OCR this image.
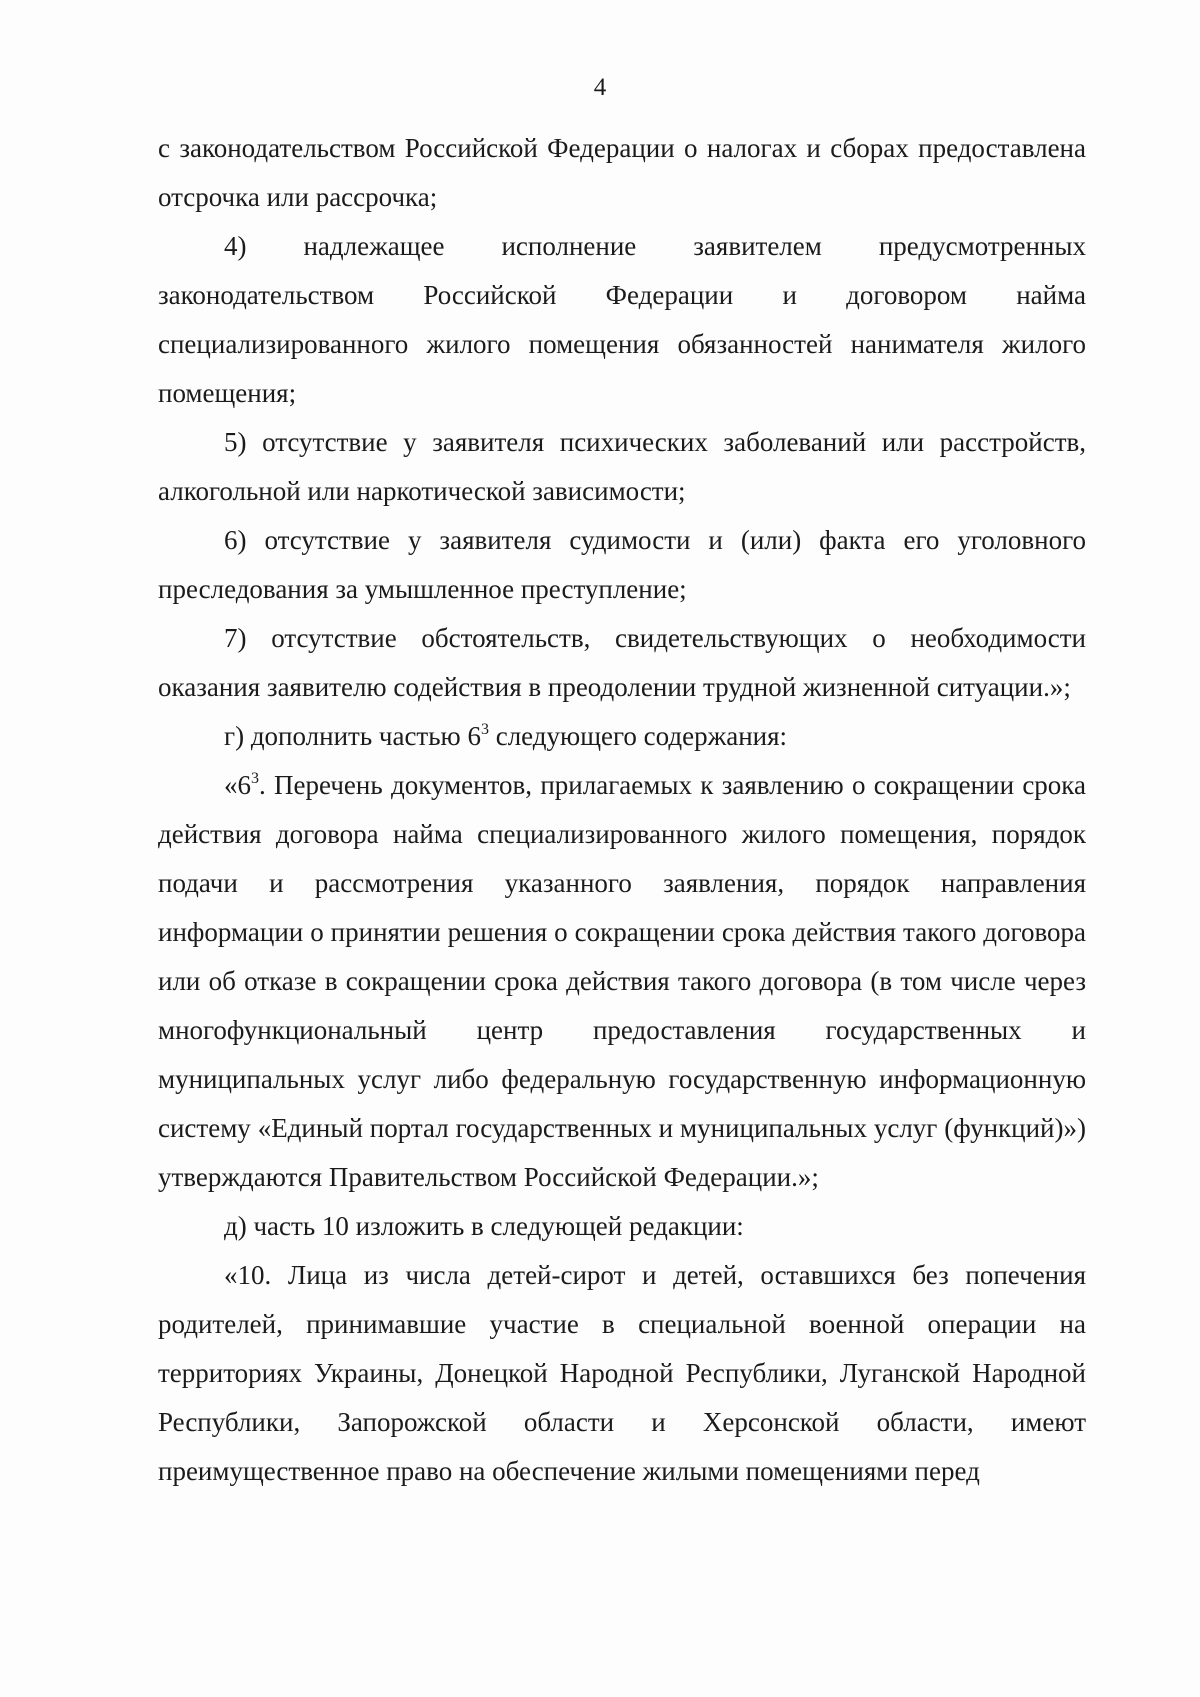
4

с законодательством Российской Федерации о налогах и сборах предоставлена отсрочка или рассрочка;

4) надлежащее исполнение заявителем предусмотренных законодательством Российской Федерации и договором найма специализированного жилого помещения обязанностей нанимателя жилого помещения;

5) отсутствие у заявителя психических заболеваний или расстройств, алкогольной или наркотической зависимости;

6) отсутствие у заявителя судимости и (или) факта его уголовного преследования за умышленное преступление;

7) отсутствие обстоятельств, свидетельствующих о необходимости оказания заявителю содействия в преодолении трудной жизненной ситуации.»;

г) дополнить частью $6^3$ следующего содержания:

«$6^3$. Перечень документов, прилагаемых к заявлению о сокращении срока действия договора найма специализированного жилого помещения, порядок подачи и рассмотрения указанного заявления, порядок направления информации о принятии решения о сокращении срока действия такого договора или об отказе в сокращении срока действия такого договора (в том числе через многофункциональный центр предоставления государственных и муниципальных услуг либо федеральную государственную информационную систему «Единый портал государственных и муниципальных услуг (функций)») утверждаются Правительством Российской Федерации.»;

д) часть 10 изложить в следующей редакции:

«10. Лица из числа детей-сирот и детей, оставшихся без попечения родителей, принимавшие участие в специальной военной операции на территориях Украины, Донецкой Народной Республики, Луганской Народной Республики, Запорожской области и Херсонской области, имеют преимущественное право на обеспечение жилыми помещениями перед
